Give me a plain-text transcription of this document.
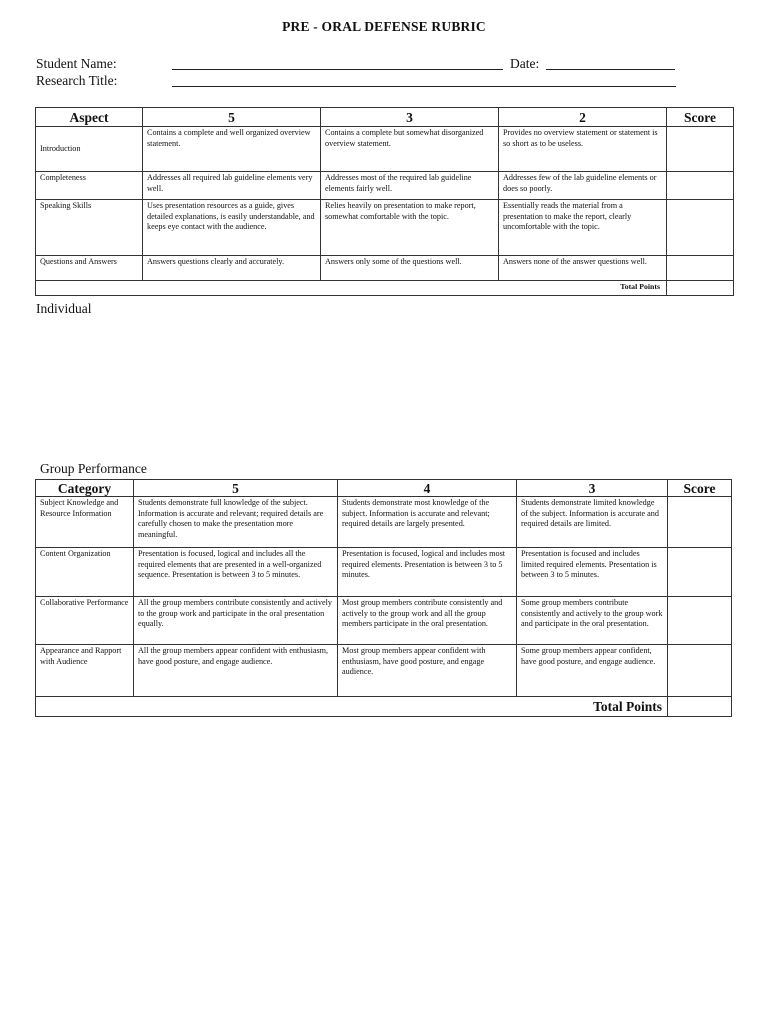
PRE - ORAL DEFENSE RUBRIC
Student Name:	Date:
Research Title:
Aspect	5	3	2	Score
Introduction	Contains a complete and well organized overview statement.	Contains a complete but somewhat disorganized overview statement.	Provides no overview statement or statement is so short as to be useless.	
Completeness	Addresses all required lab guideline elements very well.	Addresses most of the required lab guideline elements fairly well.	Addresses few of the lab guideline elements or does so poorly.	
Speaking Skills	Uses presentation resources as a guide, gives detailed explanations, is easily understandable, and keeps eye contact with the audience.	Relies heavily on presentation to make report, somewhat comfortable with the topic.	Essentially reads the material from a presentation to make the report, clearly uncomfortable with the topic.	
Questions and Answers	Answers questions clearly and accurately.	Answers only some of the questions well.	Answers none of the answer questions well.	
Total Points				
Individual
Group Performance
Category	5	4	3	Score
Subject Knowledge and Resource Information	Students demonstrate full knowledge of the subject. Information is accurate and relevant; required details are carefully chosen to make the presentation more meaningful.	Students demonstrate most knowledge of the subject. Information is accurate and relevant; required details are largely presented.	Students demonstrate limited knowledge of the subject. Information is accurate and required details are limited.	
Content Organization	Presentation is focused, logical and includes all the required elements that are presented in a well-organized sequence. Presentation is between 3 to 5 minutes.	Presentation is focused, logical and includes most required elements. Presentation is between 3 to 5 minutes.	Presentation is focused and includes limited required elements. Presentation is between 3 to 5 minutes.	
Collaborative Performance	All the group members contribute consistently and actively to the group work and participate in the oral presentation equally.	Most group members contribute consistently and actively to the group work and all the group members participate in the oral presentation.	Some group members contribute consistently and actively to the group work and participate in the oral presentation.	
Appearance and Rapport with Audience	All the group members appear confident with enthusiasm, have good posture, and engage audience.	Most group members appear confident with enthusiasm, have good posture, and engage audience.	Some group members appear confident, have good posture, and engage audience.	
Total Points				
